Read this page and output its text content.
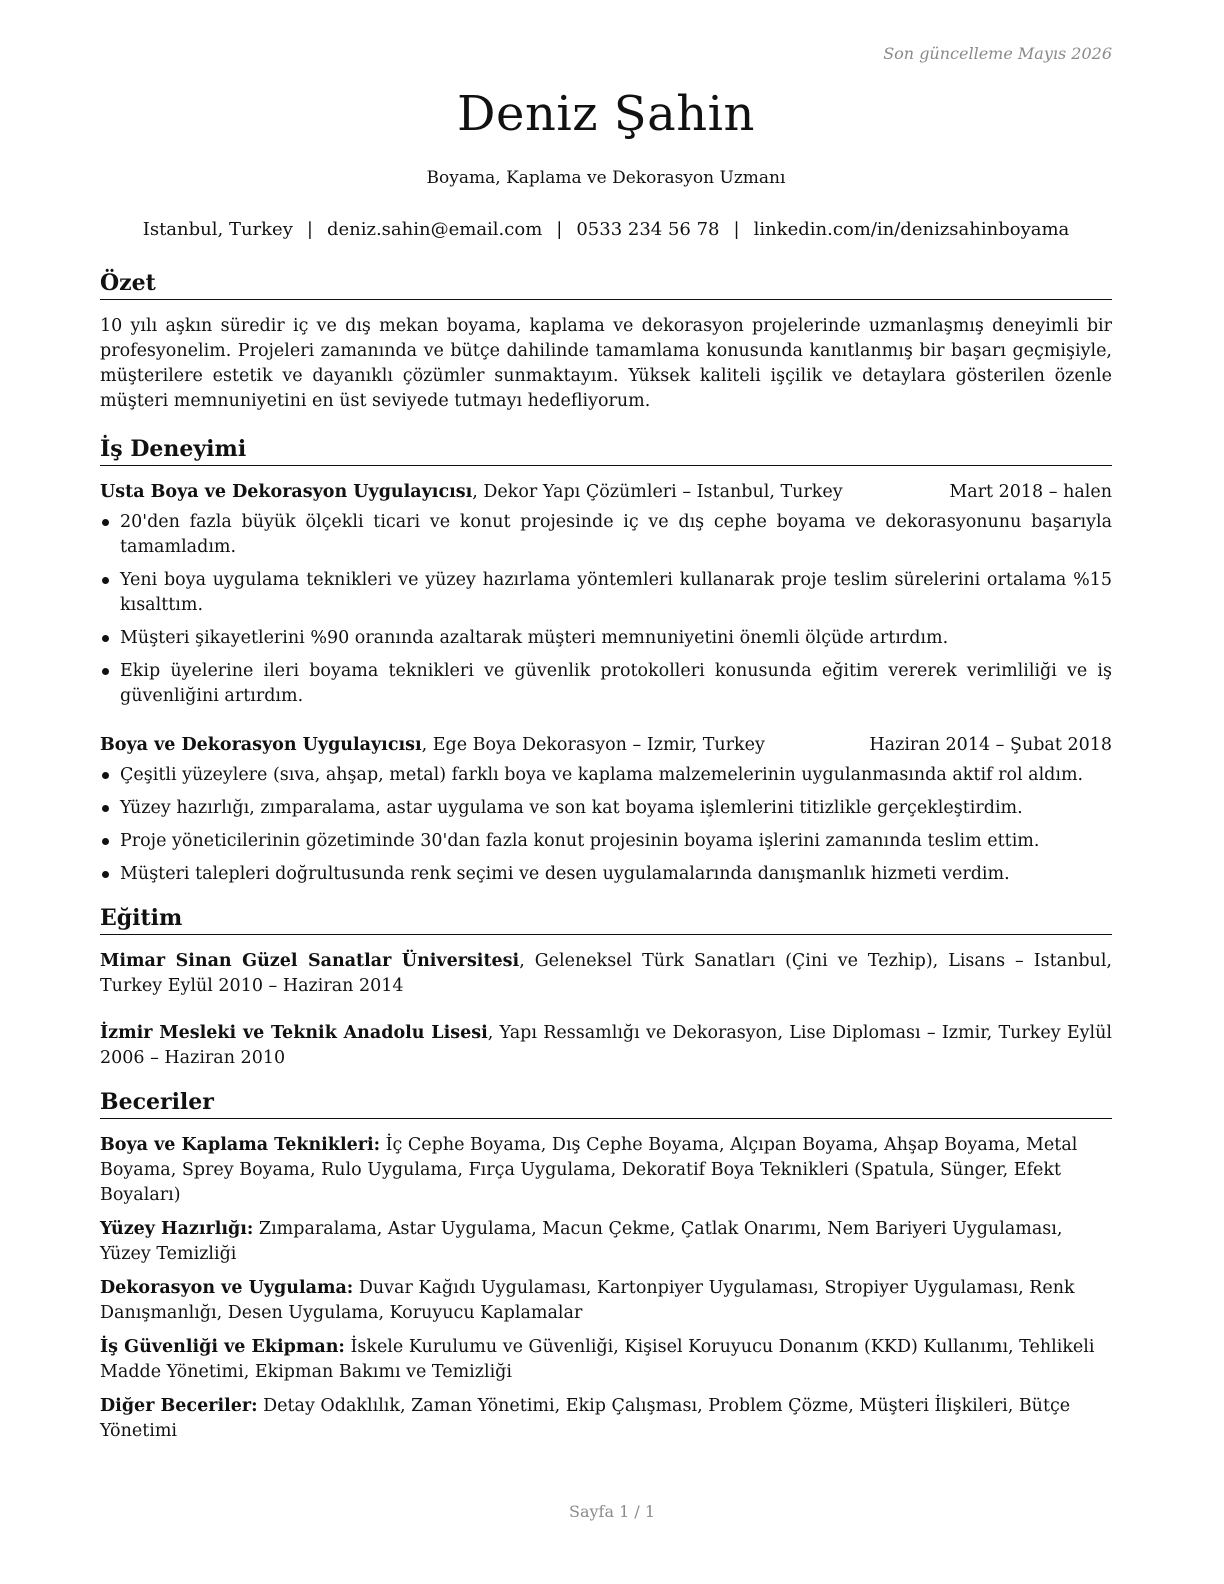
Son güncelleme Mayıs 2026
Deniz Şahin
Boyama, Kaplama ve Dekorasyon Uzmanı
Istanbul, Turkey | deniz.sahin@email.com | 0533 234 56 78 | linkedin.com/in/denizsahinboyama
Özet

10 yılı aşkın süredir iç ve dış mekan boyama, kaplama ve dekorasyon projelerinde uzmanlaşmış deneyimli bir profesyonelim. Projeleri zamanında ve bütçe dahilinde tamamlama konusunda kanıtlanmış bir başarı geçmişiyle, müşterilere estetik ve dayanıklı çözümler sunmaktayım. Yüksek kaliteli işçilik ve detaylara gösterilen özenle müşteri memnuniyetini en üst seviyede tutmayı hedefliyorum.

İş Deneyimi
Usta Boya ve Dekorasyon Uygulayıcısı, Dekor Yapı Çözümleri – Istanbul, Turkey	Mart 2018 – halen
20'den fazla büyük ölçekli ticari ve konut projesinde iç ve dış cephe boyama ve dekorasyonunu başarıyla tamamladım.
Yeni boya uygulama teknikleri ve yüzey hazırlama yöntemleri kullanarak proje teslim sürelerini ortalama %15 kısalttım.
Müşteri şikayetlerini %90 oranında azaltarak müşteri memnuniyetini önemli ölçüde artırdım.
Ekip üyelerine ileri boyama teknikleri ve güvenlik protokolleri konusunda eğitim vererek verimliliği ve iş güvenliğini artırdım.
Boya ve Dekorasyon Uygulayıcısı, Ege Boya Dekorasyon – Izmir, Turkey	Haziran 2014 – Şubat 2018
Çeşitli yüzeylere (sıva, ahşap, metal) farklı boya ve kaplama malzemelerinin uygulanmasında aktif rol aldım.
Yüzey hazırlığı, zımparalama, astar uygulama ve son kat boyama işlemlerini titizlikle gerçekleştirdim.
Proje yöneticilerinin gözetiminde 30'dan fazla konut projesinin boyama işlerini zamanında teslim ettim.
Müşteri talepleri doğrultusunda renk seçimi ve desen uygulamalarında danışmanlık hizmeti verdim.
Eğitim

Mimar Sinan Güzel Sanatlar Üniversitesi, Geleneksel Türk Sanatları (Çini ve Tezhip), Lisans – Istanbul, Turkey Eylül 2010 – Haziran 2014

İzmir Mesleki ve Teknik Anadolu Lisesi, Yapı Ressamlığı ve Dekorasyon, Lise Diploması – Izmir, Turkey Eylül 2006 – Haziran 2010

Beceriler

Boya ve Kaplama Teknikleri: İç Cephe Boyama, Dış Cephe Boyama, Alçıpan Boyama, Ahşap Boyama, Metal Boyama, Sprey Boyama, Rulo Uygulama, Fırça Uygulama, Dekoratif Boya Teknikleri (Spatula, Sünger, Efekt Boyaları)

Yüzey Hazırlığı: Zımparalama, Astar Uygulama, Macun Çekme, Çatlak Onarımı, Nem Bariyeri Uygulaması, Yüzey Temizliği

Dekorasyon ve Uygulama: Duvar Kağıdı Uygulaması, Kartonpiyer Uygulaması, Stropiyer Uygulaması, Renk Danışmanlığı, Desen Uygulama, Koruyucu Kaplamalar

İş Güvenliği ve Ekipman: İskele Kurulumu ve Güvenliği, Kişisel Koruyucu Donanım (KKD) Kullanımı, Tehlikeli Madde Yönetimi, Ekipman Bakımı ve Temizliği

Diğer Beceriler: Detay Odaklılık, Zaman Yönetimi, Ekip Çalışması, Problem Çözme, Müşteri İlişkileri, Bütçe Yönetimi

Sayfa 1 / 1
